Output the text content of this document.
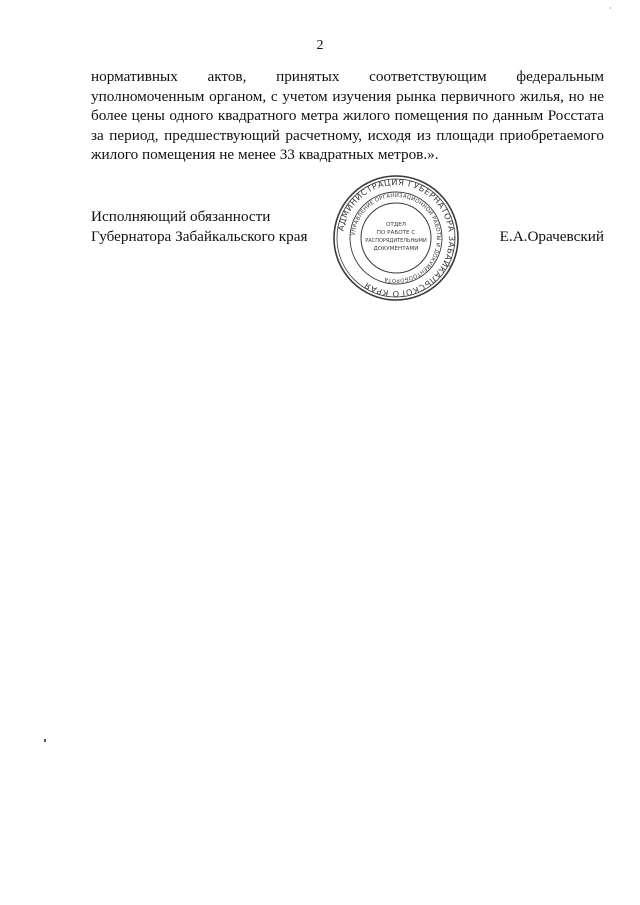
2

нормативных актов, принятых соответствующим федеральным уполномоченным органом, с учетом изучения рынка первичного жилья, но не более цены одного квадратного метра жилого помещения по данным Росстата за период, предшествующий расчетному, исходя из площади приобретаемого жилого помещения не менее 33 квадратных метров.».

Исполняющий обязанности
Губернатора Забайкальского края	Е.А.Орачевский
АДМИНИСТРАЦИЯ ГУБЕРНАТОРА ЗАБАЙКАЛЬСКОГО КРАЯ
УПРАВЛЕНИЕ ОРГАНИЗАЦИОННОЙ РАБОТЫ И ДОКУМЕНТООБОРОТА
ОТДЕЛ
ПО РАБОТЕ С
РАСПОРЯДИТЕЛЬНЫМИ
ДОКУМЕНТАМИ
